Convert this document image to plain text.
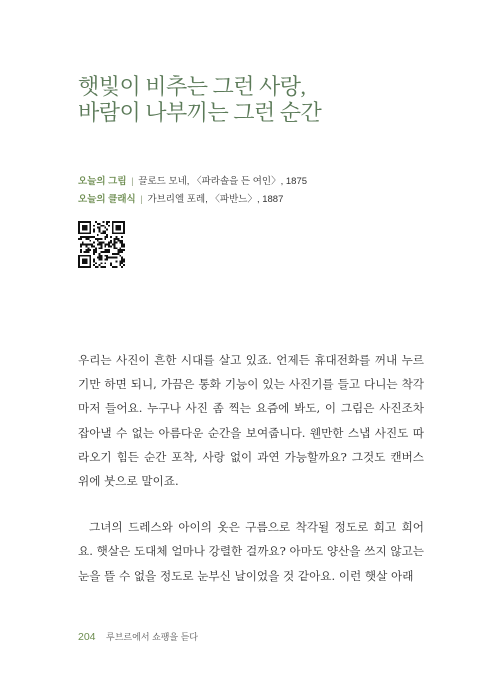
햇빛이 비추는 그런 사랑,
바람이 나부끼는 그런 순간
오늘의 그림 | 끌로드 모네, 〈파라솔을 든 여인〉, 1875
오늘의 클래식 | 가브리엘 포레, 〈파반느〉, 1887

우리는 사진이 흔한 시대를 살고 있죠. 언제든 휴대전화를 꺼내 누르기만 하면 되니, 가끔은 통화 기능이 있는 사진기를 들고 다니는 착각마저 들어요. 누구나 사진 좀 찍는 요즘에 봐도, 이 그림은 사진조차 잡아낼 수 없는 아름다운 순간을 보여줍니다. 웬만한 스냅 사진도 따라오기 힘든 순간 포착, 사랑 없이 과연 가능할까요? 그것도 캔버스 위에 붓으로 말이죠.

그녀의 드레스와 아이의 옷은 구름으로 착각될 정도로 희고 희어요. 햇살은 도대체 얼마나 강렬한 걸까요? 아마도 양산을 쓰지 않고는 눈을 뜰 수 없을 정도로 눈부신 날이었을 것 같아요. 이런 햇살 아래

204 루브르에서 쇼팽을 듣다
